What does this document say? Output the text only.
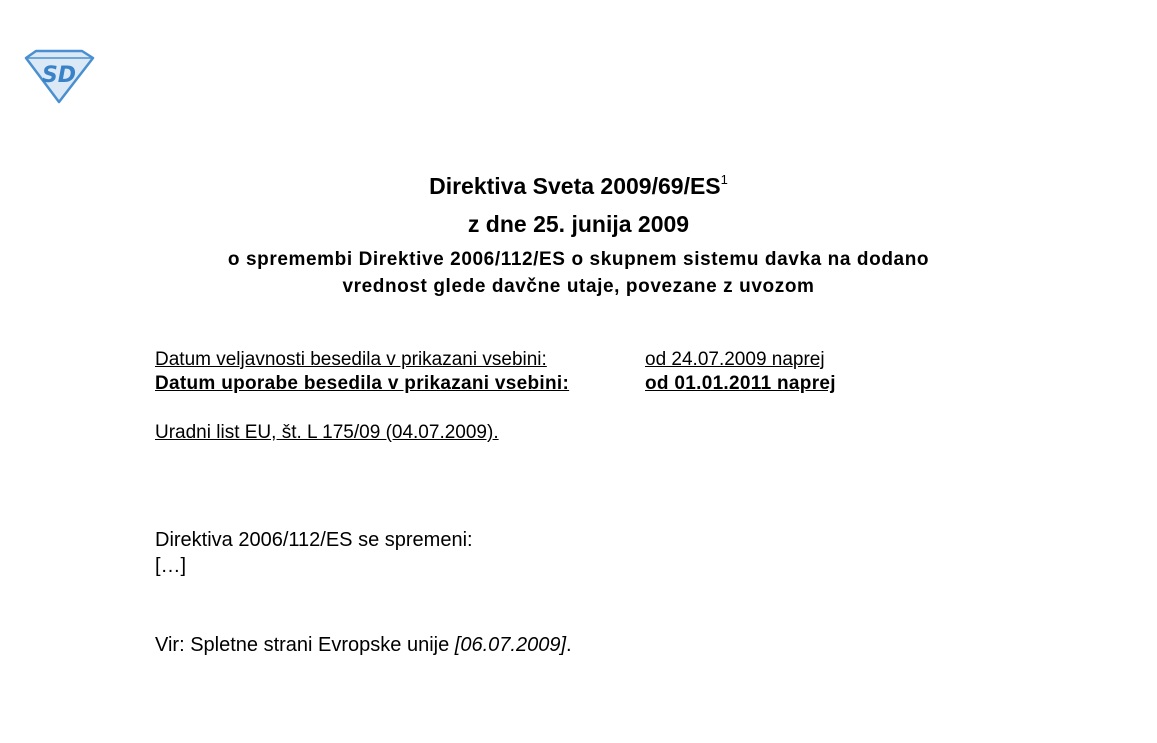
SD
Direktiva Sveta $2009/69/ES^1$
z dne 25. junija 2009
o spremembi Direktive 2006/112/ES o skupnem sistemu davka na dodano
vrednost glede davčne utaje, povezane z uvozom
Datum veljavnosti besedila v prikazani vsebini:	od 24.07.2009 naprej
Datum uporabe besedila v prikazani vsebini:	od 01.01.2011 naprej
Uradni list EU, št. L 175/09 (04.07.2009).
Direktiva 2006/112/ES se spremeni:
[…]
Vir: Spletne strani Evropske unije [06.07.2009].
